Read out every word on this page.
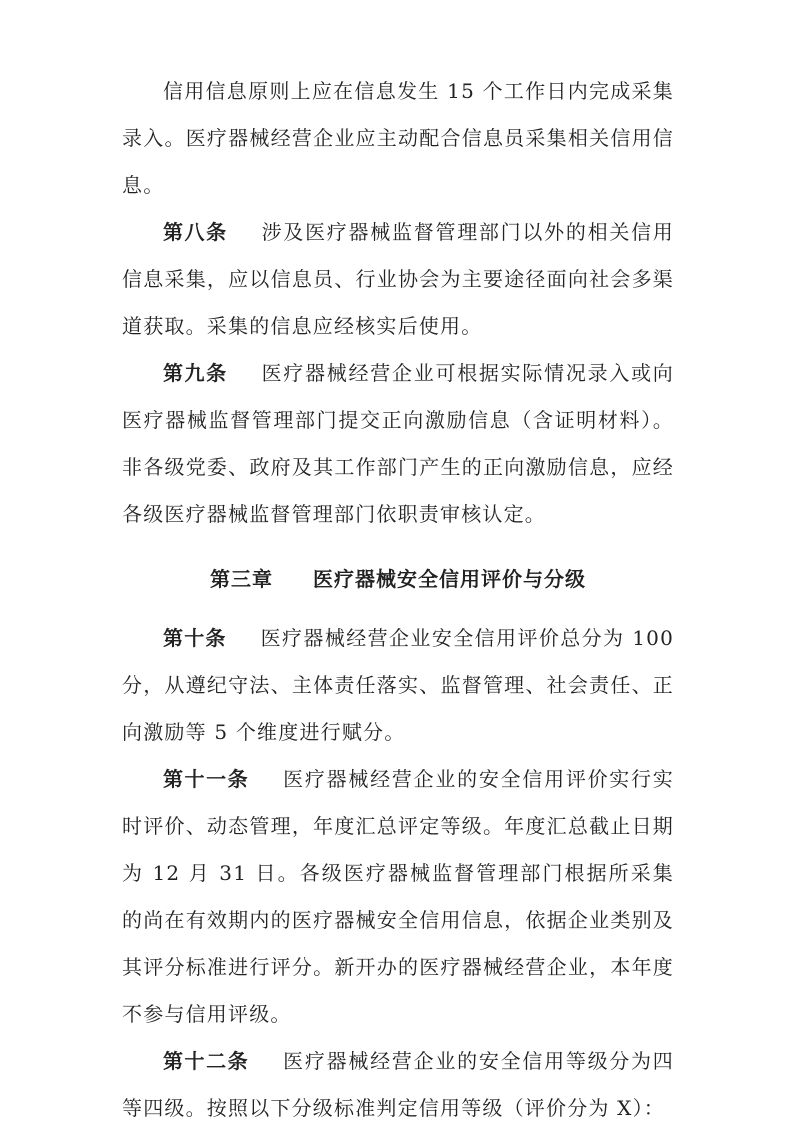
信用信息原则上应在信息发生 15 个工作日内完成采集录入。医疗器械经营企业应主动配合信息员采集相关信用信息。

第八条 涉及医疗器械监督管理部门以外的相关信用信息采集，应以信息员、行业协会为主要途径面向社会多渠道获取。采集的信息应经核实后使用。

第九条 医疗器械经营企业可根据实际情况录入或向医疗器械监督管理部门提交正向激励信息（含证明材料）。非各级党委、政府及其工作部门产生的正向激励信息，应经各级医疗器械监督管理部门依职责审核认定。

第三章 医疗器械安全信用评价与分级

第十条 医疗器械经营企业安全信用评价总分为 100 分，从遵纪守法、主体责任落实、监督管理、社会责任、正向激励等 5 个维度进行赋分。

第十一条 医疗器械经营企业的安全信用评价实行实时评价、动态管理，年度汇总评定等级。年度汇总截止日期为 12 月 31 日。各级医疗器械监督管理部门根据所采集的尚在有效期内的医疗器械安全信用信息，依据企业类别及其评分标准进行评分。新开办的医疗器械经营企业，本年度不参与信用评级。

第十二条 医疗器械经营企业的安全信用等级分为四等四级。按照以下分级标准判定信用等级（评价分为 X）：
